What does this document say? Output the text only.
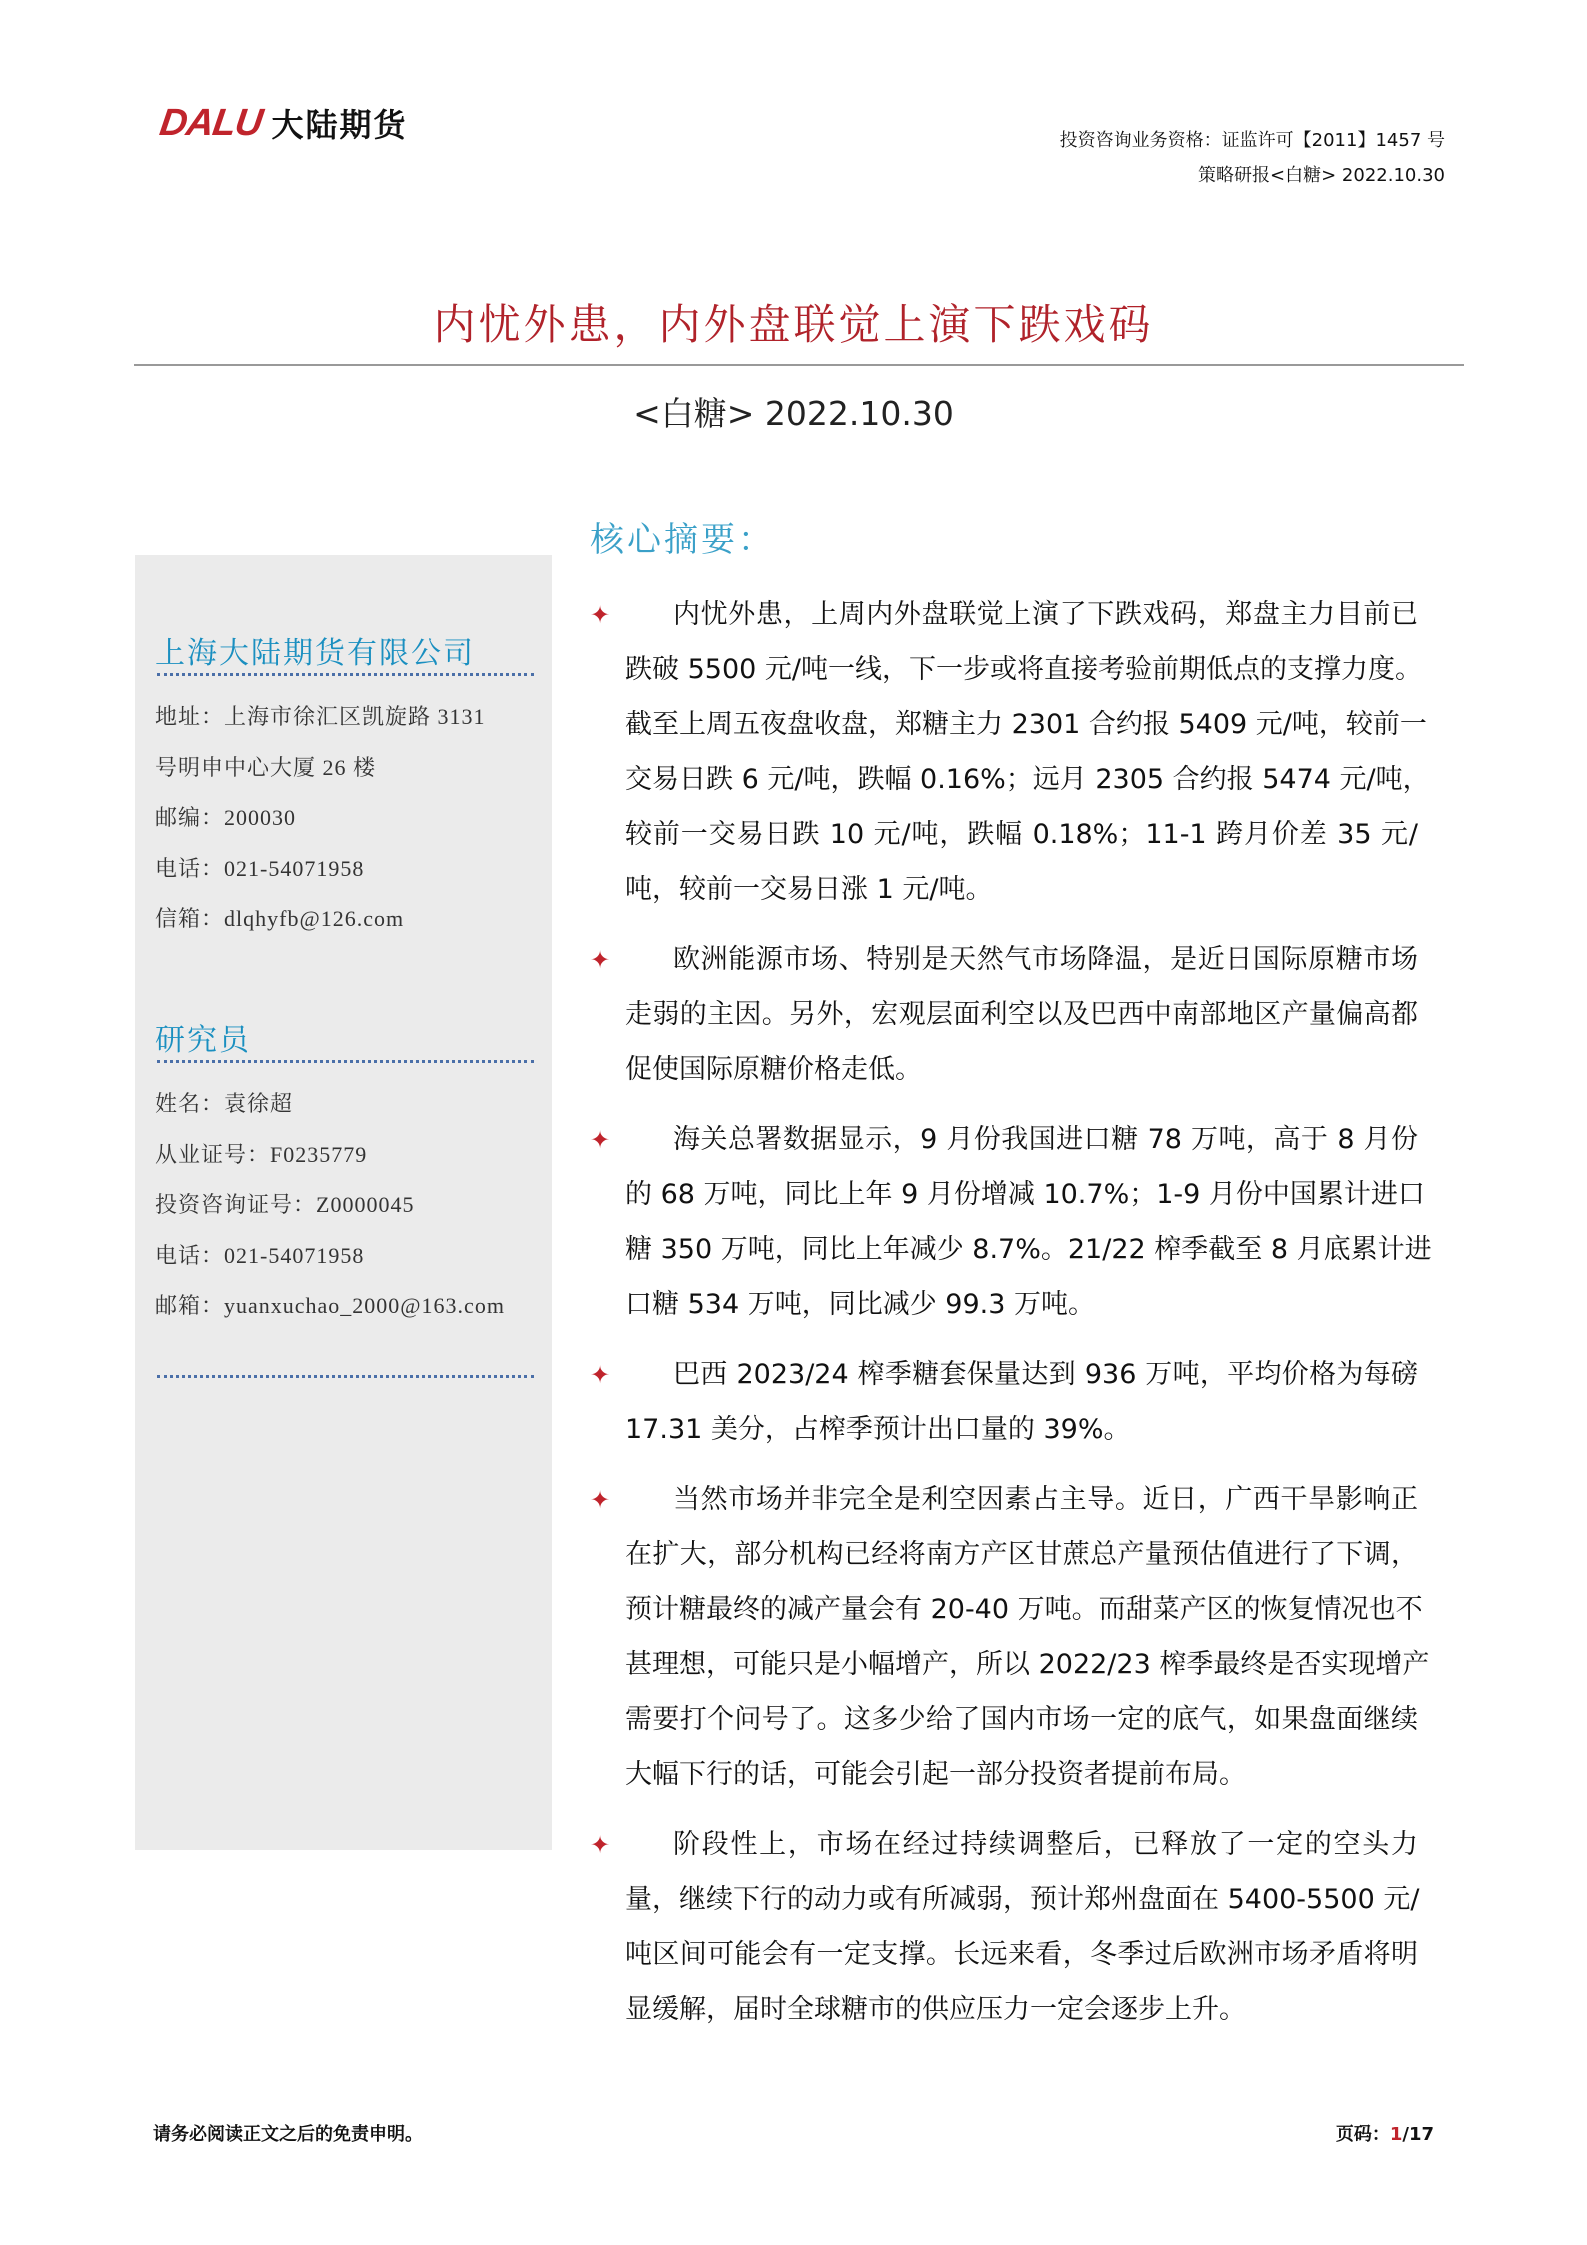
DALU 大陆期货	投资咨询业务资格：证监许可【2011】1457 号
策略研报<白糖> 2022.10.30
内忧外患，内外盘联觉上演下跌戏码
<白糖> 2022.10.30
上海大陆期货有限公司
地址：上海市徐汇区凯旋路 3131
号明申中心大厦 26 楼
邮编：200030
电话：021-54071958
信箱：dlqhyfb@126.com
研究员
姓名：袁徐超
从业证号：F0235779
投资咨询证号：Z0000045
电话：021-54071958
邮箱：yuanxuchao_2000@163.com
核心摘要：
✦	内忧外患，上周内外盘联觉上演了下跌戏码，郑盘主力目前已
跌破 5500 元/吨一线，下一步或将直接考验前期低点的支撑力度。
截至上周五夜盘收盘，郑糖主力 2301 合约报 5409 元/吨，较前一
交易日跌 6 元/吨，跌幅 0.16%；远月 2305 合约报 5474 元/吨，
较前一交易日跌 10 元/吨，跌幅 0.18%；11-1 跨月价差 35 元/
吨，较前一交易日涨 1 元/吨。
✦	欧洲能源市场、特别是天然气市场降温，是近日国际原糖市场
走弱的主因。另外，宏观层面利空以及巴西中南部地区产量偏高都
促使国际原糖价格走低。
✦	海关总署数据显示，9 月份我国进口糖 78 万吨，高于 8 月份
的 68 万吨，同比上年 9 月份增减 10.7%；1-9 月份中国累计进口
糖 350 万吨，同比上年减少 8.7%。21/22 榨季截至 8 月底累计进
口糖 534 万吨，同比减少 99.3 万吨。
✦	巴西 2023/24 榨季糖套保量达到 936 万吨，平均价格为每磅
17.31 美分，占榨季预计出口量的 39%。
✦	当然市场并非完全是利空因素占主导。近日，广西干旱影响正
在扩大，部分机构已经将南方产区甘蔗总产量预估值进行了下调，
预计糖最终的减产量会有 20-40 万吨。而甜菜产区的恢复情况也不
甚理想，可能只是小幅增产，所以 2022/23 榨季最终是否实现增产
需要打个问号了。这多少给了国内市场一定的底气，如果盘面继续
大幅下行的话，可能会引起一部分投资者提前布局。
✦	阶段性上，市场在经过持续调整后，已释放了一定的空头力
量，继续下行的动力或有所减弱，预计郑州盘面在 5400-5500 元/
吨区间可能会有一定支撑。长远来看，冬季过后欧洲市场矛盾将明
显缓解，届时全球糖市的供应压力一定会逐步上升。
请务必阅读正文之后的免责申明。	页码：1/17
